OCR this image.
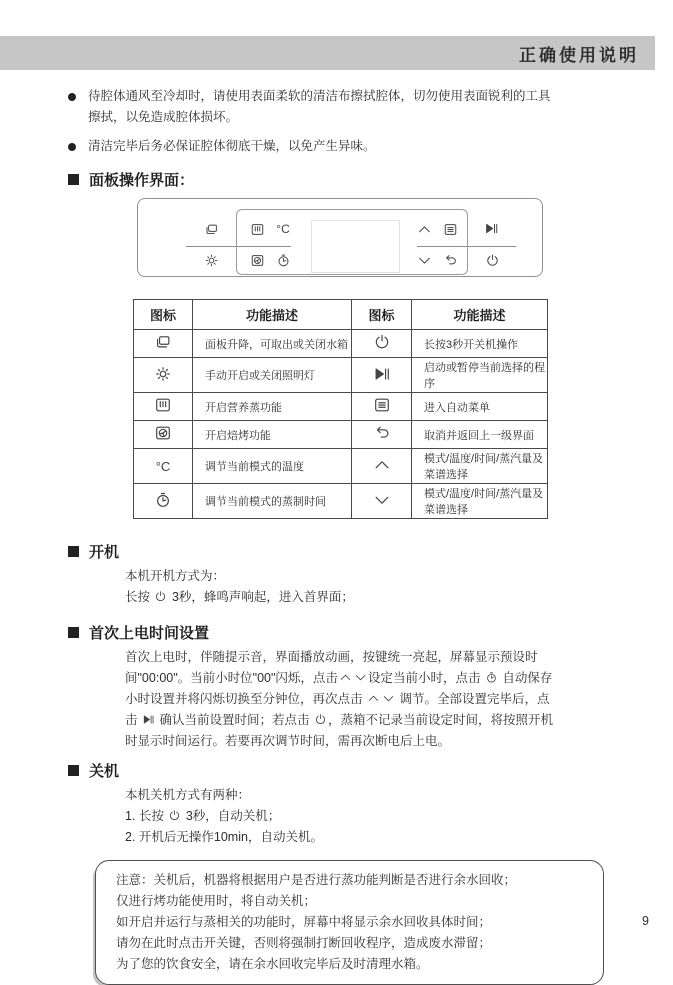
正确使用说明
待腔体通风至冷却时，请使用表面柔软的清洁布擦拭腔体，切勿使用表面锐利的工具擦拭，以免造成腔体损坏。
清洁完毕后务必保证腔体彻底干燥，以免产生异味。
面板操作界面：
°C
图标	功能描述	图标	功能描述

	面板升降，可取出或关闭水箱		长按3秒开关机操作

	手动开启或关闭照明灯		启动或暂停当前选择的程序

	开启营养蒸功能		进入自动菜单

	开启焙烤功能		取消并返回上一级界面

°C	调节当前模式的温度		模式/温度/时间/蒸汽量及菜谱选择

	调节当前模式的蒸制时间		模式/温度/时间/蒸汽量及菜谱选择
开机
本机开机方式为：
长按
3秒，蜂鸣声响起，进入首界面；
首次上电时间设置
首次上电时，伴随提示音，界面播放动画，按键统一亮起，屏幕显示预设时间"00:00"。当前小时位"00"闪烁，点击 设定当前小时，点击
自动保存小时设置并将闪烁切换至分钟位，再次点击
调节。全部设置完毕后，点击
确认当前设置时间；若点击
，蒸箱不记录当前设定时间，将按照开机时显示时间运行。若要再次调节时间，需再次断电后上电。
关机
本机关机方式有两种：
1. 长按
3秒，自动关机；
2. 开机后无操作10min，自动关机。
注意：关机后，机器将根据用户是否进行蒸功能判断是否进行余水回收；
仅进行烤功能使用时，将自动关机；
如开启并运行与蒸相关的功能时，屏幕中将显示余水回收具体时间；
请勿在此时点击开关键，否则将强制打断回收程序，造成废水滞留；
为了您的饮食安全，请在余水回收完毕后及时清理水箱。
9
